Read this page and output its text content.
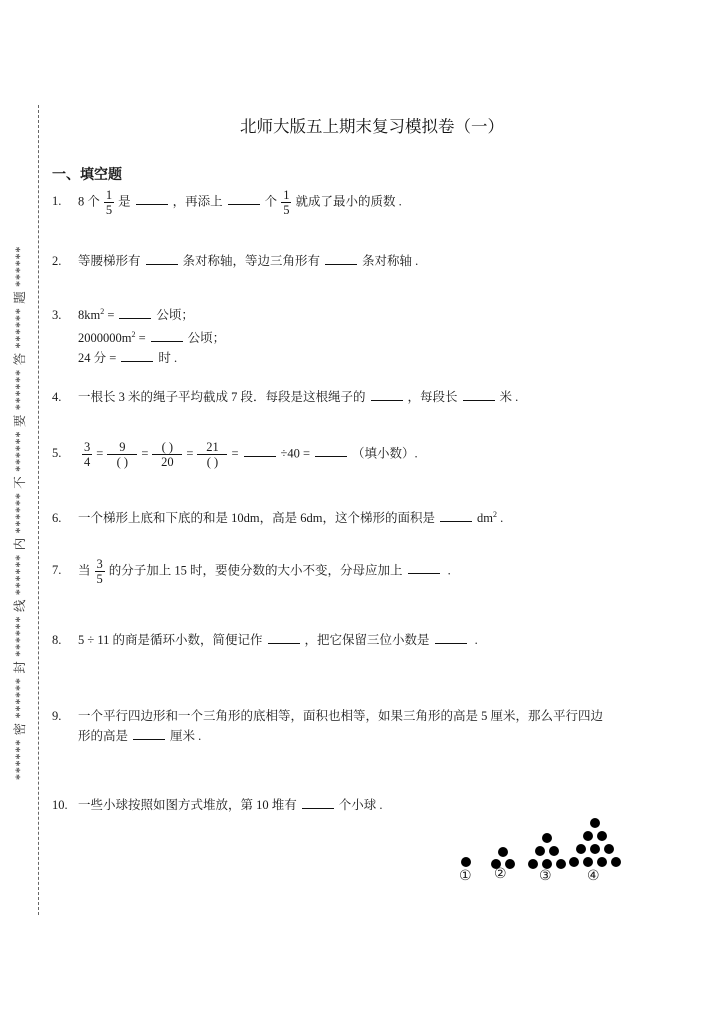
****** 密 ****** 封 ****** 线 ****** 内 ****** 不 ****** 要 ****** 答 ****** 题 ******
北师大版五上期末复习模拟卷（一）
一、填空题
1. 8 个 $\frac{1}{5}$ 是	，再添上	个 $\frac{1}{5}$ 就成了最小的质数 .
2. 等腰梯形有	条对称轴，等边三角形有	条对称轴 .
3. $8km^2$ =	公顷；
$2000000m^2$ =	公顷；
24 分 =	时 .
4. 一根长 3 米的绳子平均截成 7 段．每段是这根绳子的	，每段长	米 .
5. $\frac{3}{4} = \frac{9}{( )} = \frac{( )}{20} = \frac{21}{( )}$ =	÷40 =	（填小数）.
6. 一个梯形上底和下底的和是 10dm，高是 6dm，这个梯形的面积是	$dm^2$ .
7. 当 $\frac{3}{5}$ 的分子加上 15 时，要使分数的大小不变，分母应加上	.
8. 5 ÷ 11 的商是循环小数，简便记作	，把它保留三位小数是	.
9. 一个平行四边形和一个三角形的底相等，面积也相等，如果三角形的高是 5 厘米，那么平行四边
形的高是	厘米 .
10. 一些小球按照如图方式堆放，第 10 堆有	个小球 .
① ② ③	④
